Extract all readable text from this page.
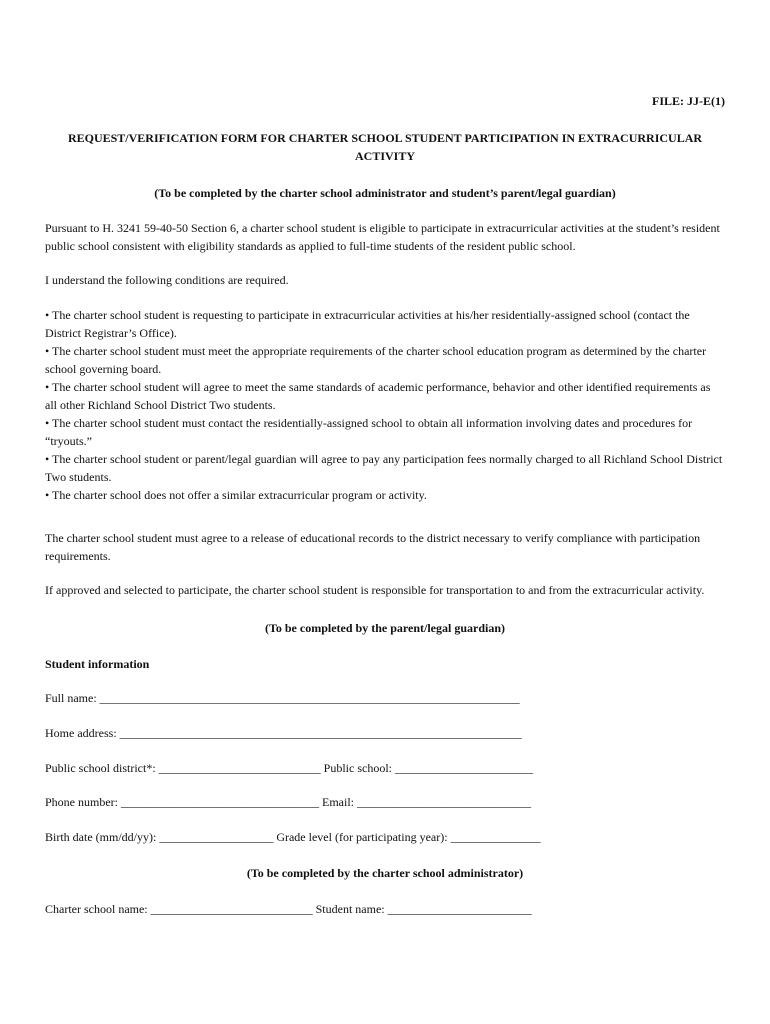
FILE: JJ-E(1)
REQUEST/VERIFICATION FORM FOR CHARTER SCHOOL STUDENT PARTICIPATION IN EXTRACURRICULAR
ACTIVITY
(To be completed by the charter school administrator and student’s parent/legal guardian)
Pursuant to H. 3241 59-40-50 Section 6, a charter school student is eligible to participate in extracurricular activities at the student’s resident public school consistent with eligibility standards as applied to full-time students of the resident public school.
I understand the following conditions are required.
• The charter school student is requesting to participate in extracurricular activities at his/her residentially-assigned school (contact the District Registrar’s Office).
• The charter school student must meet the appropriate requirements of the charter school education program as determined by the charter school governing board.
• The charter school student will agree to meet the same standards of academic performance, behavior and other identified requirements as all other Richland School District Two students.
• The charter school student must contact the residentially-assigned school to obtain all information involving dates and procedures for “tryouts.”
• The charter school student or parent/legal guardian will agree to pay any participation fees normally charged to all Richland School District Two students.
• The charter school does not offer a similar extracurricular program or activity.
The charter school student must agree to a release of educational records to the district necessary to verify compliance with participation requirements.
If approved and selected to participate, the charter school student is responsible for transportation to and from the extracurricular activity.
(To be completed by the parent/legal guardian)
Student information
Full name: ______________________________________________________________________
Home address: ___________________________________________________________________
Public school district*: ___________________________ Public school: _______________________
Phone number: _________________________________ Email: _____________________________
Birth date (mm/dd/yy): ___________________ Grade level (for participating year): _______________
(To be completed by the charter school administrator)
Charter school name: ___________________________ Student name: ________________________
